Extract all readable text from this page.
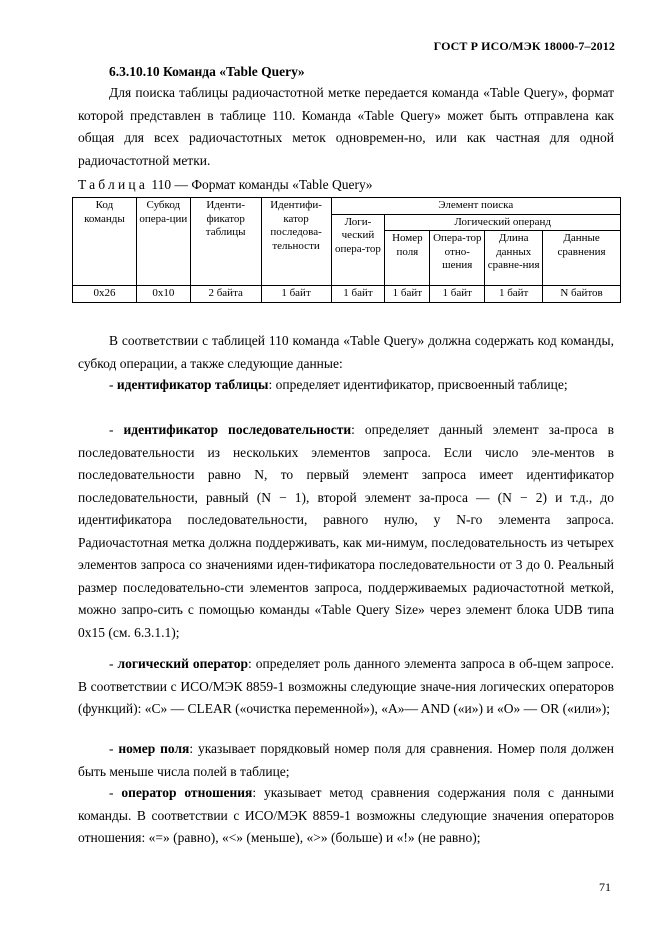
ГОСТ Р ИСО/МЭК 18000-7–2012
6.3.10.10 Команда «Table Query»

Для поиска таблицы радиочастотной метке передается команда «Table Query», формат которой представлен в таблице 110. Команда «Table Query» может быть отправлена как общая для всех радиочастотных меток одновремен-но, или как частная для одной радиочастотной метки.

Таблица 110 — Формат команды «Table Query»
Код команды	Субкод опера-ции	Иденти-фикатор таблицы	Идентифи-катор последова-тельности	Элемент поиска				
				Логи-ческий опера-тор	Логический операнд			
					Номер поля	Опера-тор отно-шения	Длина данных сравне-ния	Данные сравнения
0x26	0x10	2 байта	1 байт	1 байт	1 байт	1 байт	1 байт	N байтов

В соответствии с таблицей 110 команда «Table Query» должна содержать код команды, субкод операции, а также следующие данные:

- идентификатор таблицы: определяет идентификатор, присвоенный таблице;

- идентификатор последовательности: определяет данный элемент за-проса в последовательности из нескольких элементов запроса. Если число эле-ментов в последовательности равно N, то первый элемент запроса имеет идентификатор последовательности, равный (N − 1), второй элемент за-проса — (N − 2) и т.д., до идентификатора последовательности, равного нулю, у N-го элемента запроса. Радиочастотная метка должна поддерживать, как ми-нимум, последовательность из четырех элементов запроса со значениями иден-тификатора последовательности от 3 до 0. Реальный размер последовательно-сти элементов запроса, поддерживаемых радиочастотной меткой, можно запро-сить с помощью команды «Table Query Size» через элемент блока UDB типа 0x15 (см. 6.3.1.1);

- логический оператор: определяет роль данного элемента запроса в об-щем запросе. В соответствии с ИСО/МЭК 8859-1 возможны следующие значе-ния логических операторов (функций): «C» — CLEAR («очистка переменной»), «A»— AND («и») и «O» — OR («или»);

- номер поля: указывает порядковый номер поля для сравнения. Номер поля должен быть меньше числа полей в таблице;

- оператор отношения: указывает метод сравнения содержания поля с данными команды. В соответствии с ИСО/МЭК 8859-1 возможны следующие значения операторов отношения: «=» (равно), «<» (меньше), «>» (больше) и «!» (не равно);

71
